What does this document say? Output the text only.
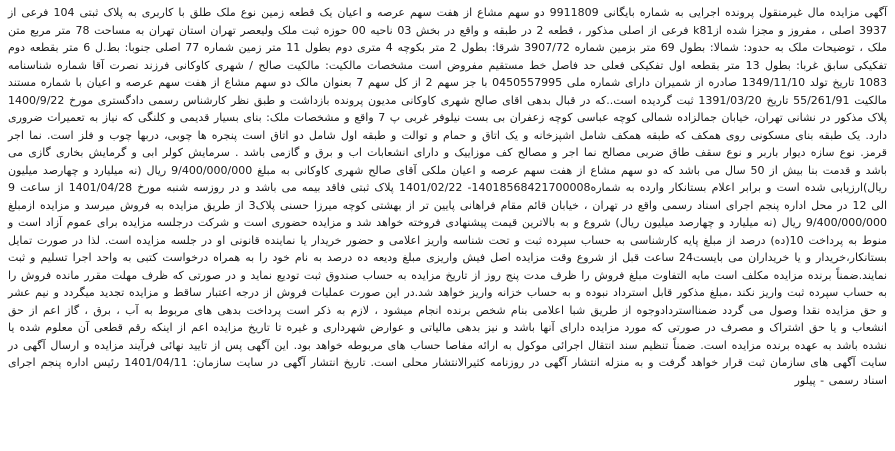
آگهی مزایده مال غیرمنقول پرونده اجرایی به شماره بایگانی 9911809 دو سهم مشاع از هفت سهم عرصه و اعیان یک قطعه زمین نوع ملک طلق با کاربری به پلاک ثبتی 104 فرعی از 3937 اصلی ، مفروز و مجزا شده ازk81 فرعی از اصلی مذکور ، قطعه 2 در طبقه و واقع در بخش 03 ناحیه 00 حوزه ثبت ملک ولیعصر تهران استان تهران به مساحت 78 متر مربع متن ملک ، توضیحات ملک به حدود: شمالا: بطول 69 متر بزمین شماره 3907/72 شرقا: بطول 2 متر بکوچه 4 متری دوم بطول 11 متر زمین شماره 77 اصلی جنوبا: بط.ل 6 متر بقطعه دوم تفکیکی سابق غربا: بطول 13 متر بقطعه اول تفکیکی فعلی حد فاصل خط مستقیم مفروض است مشخصات مالکیت: مالکیت صالح / شهری کاوکانی فرزند نصرت آقا شماره شناسنامه 1083 تاریخ تولد 1349/11/10 صادره از شمیران دارای شماره ملی 0450557995 با جز سهم 2 از کل سهم 7 بعنوان مالک دو سهم مشاع از هفت سهم عرصه و اعیان با شماره مستند مالکیت 55/261/91 تاریخ 1391/03/20 ثبت گردیده است..که در قبال بدهی اقای صالح شهری کاوکانی مدیون پرونده بازداشت و طبق نظر کارشناس رسمی دادگستری مورخ 1400/9/22 پلاک مذکور در نشانی تهران، خیابان جمالزاده شمالی کوچه عباسی کوچه زعفران بی بست نیلوفر غربی پ 7 واقع و مشخصات ملک: بنای بسیار قدیمی و کلنگی که نیاز به تعمیرات ضروری دارد. یک طبقه بنای مسکونی روی همکف که طبقه همکف شامل اشپزخانه و یک اتاق و حمام و توالت و طبقه اول شامل دو اتاق است پنجره ها چوبی، دربها چوب و فلز است. نما اجر قرمز. نوع سازه دیوار باربر و نوع سقف طاق ضربی مصالح نما اجر و مصالح کف موزاییک و دارای انشعابات اب و برق و گازمی باشد . سرمایش کولر ابی و گرمایش بخاری گازی می باشد و قدمت بنا بیش از 50 سال می باشد که دو سهم مشاع از هفت سهم عرصه و اعیان ملکی آقای صالح شهری کاوکانی به مبلغ 9/400/000/000 ریال (نه میلیارد و چهارصد میلیون ریال)ارزیابی شده است و برابر اعلام بستانکار وارده به شماره14018568421700008- 1401/02/22 پلاک ثبتی فاقد بیمه می باشد و در روزسه شنبه مورخ 1401/04/28 از ساعت 9 الی 12 در محل اداره پنجم اجرای اسناد رسمی واقع در تهران ، خیابان قائم مقام فراهانی پایین تر از بهشتی کوچه میرزا حسنی پلاک3 از طریق مزایده به فروش میرسد و مزایده ازمبلغ 9/400/000/000 ریال (نه میلیارد و چهارصد میلیون ریال) شروع و به بالاترین قیمت پیشنهادی فروخته خواهد شد و مزایده حضوری است و شرکت درجلسه مزایده برای عموم آزاد است و منوط به پرداخت 10(ده) درصد از مبلغ پایه کارشناسی به حساب سپرده ثبت و تحت شناسه واریز اعلامی و حضور خریدار یا نماینده قانونی او در جلسه مزایده است. لذا در صورت تمایل بستانکار،خریدار و یا خریداران می بایست24 ساعت قبل از شروع وقت مزایده اصل فیش واریزی مبلغ ودیعه ده درصد به نام خود را به همراه درخواست کتبی به واحد اجرا تسلیم و ثبت نمایند.ضمناً برنده مزایده مکلف است مابه التفاوت مبلغ فروش را ظرف مدت پنج روز از تاریخ مزایده به حساب صندوق ثبت تودیع نماید و در صورتی که ظرف مهلت مقرر مانده فروش را به حساب سپرده ثبت واریز نکند ،مبلغ مذکور قابل استرداد نبوده و به حساب خزانه واریز خواهد شد.در این صورت عملیات فروش از درجه اعتبار ساقط و مزایده تجدید میگردد و نیم عشر و حق مزایده نقدا وصول می گردد ضمنااستردادوجوه از طریق شبا اعلامی بنام شخص برنده انجام میشود ، لازم به ذکر است پرداخت بدهی های مربوط به آب ، برق ، گاز اعم از حق انشعاب و یا حق اشتراک و مصرف در صورتی که مورد مزایده دارای آنها باشد و نیز بدهی مالیاتی و عوارض شهرداری و غیره تا تاریخ مزایده اعم از اینکه رقم قطعی آن معلوم شده یا نشده باشد به عهده برنده مزایده است. ضمناً تنظیم سند انتقال اجرائی موکول به ارائه مفاصا حساب های مربوطه خواهد بود. این آگهی پس از تایید نهائی فرآیند مزایده و ارسال آگهی در سایت آگهی های سازمان ثبت قرار خواهد گرفت و به منزله انتشار آگهی در روزنامه کثیرالانتشار محلی است. تاریخ انتشار آگهی در سایت سازمان: 1401/04/11 رئیس اداره پنجم اجرای اسناد رسمی - پیلور
